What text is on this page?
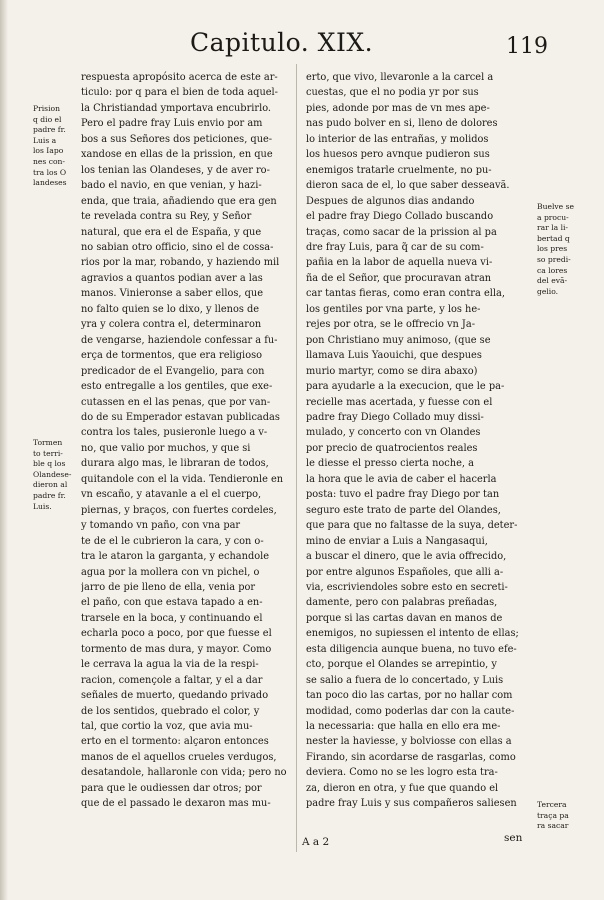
Capitulo. XIX.	119
Prision
q dio el
padre fr.
Luis a
los Iapo
nes con-
tra los O
landeses
Tormen
to terri-
ble q los
Olandese-
dieron al
padre fr.
Luis.
Buelve se
a procu-
rar la li-
bertad q
los pres
so predi-
ca lores
del evã-
gelio.
Tercera
traça pa
ra sacar
respuesta apropósito acerca de este ar-
ticulo: por q para el bien de toda aquel-
la Christiandad ymportava encubrirlo.
Pero el padre fray Luis envio por am
bos a sus Señores dos peticiones, que-
xandose en ellas de la prission, en que
los tenian las Olandeses, y de aver ro-
bado el navio, en que venian, y hazi-
enda, que traia, añadiendo que era gen
te revelada contra su Rey, y Señor
natural, que era el de España, y que
no sabian otro officio, sino el de cossa-
rios por la mar, robando, y haziendo mil
agravios a quantos podian aver a las
manos. Vinieronse a saber ellos, que
no falto quien se lo dixo, y llenos de
yra y colera contra el, determinaron
de vengarse, haziendole confessar a fu-
erça de tormentos, que era religioso
predicador de el Evangelio, para con
esto entregalle a los gentiles, que exe-
cutassen en el las penas, que por van-
do de su Emperador estavan publicadas
contra los tales, pusieronle luego a v-
no, que valio por muchos, y que si
durara algo mas, le libraran de todos,
quitandole con el la vida. Tendieronle en
vn escaño, y atavanle a el el cuerpo,
piernas, y braços, con fuertes cordeles,
y tomando vn paño, con vna par
te de el le cubrieron la cara, y con o-
tra le ataron la garganta, y echandole
agua por la mollera con vn pichel, o
jarro de pie lleno de ella, venia por
el paño, con que estava tapado a en-
trarsele en la boca, y continuando el
echarla poco a poco, por que fuesse el
tormento de mas dura, y mayor. Como
le cerrava la agua la via de la respi-
racion, començole a faltar, y el a dar
señales de muerto, quedando privado
de los sentidos, quebrado el color, y
tal, que cortio la voz, que avia mu-
erto en el tormento: alçaron entonces
manos de el aquellos crueles verdugos,
desatandole, hallaronle con vida; pero no
para que le oudiessen dar otros; por
que de el passado le dexaron mas mu-
erto, que vivo, llevaronle a la carcel a
cuestas, que el no podia yr por sus
pies, adonde por mas de vn mes ape-
nas pudo bolver en si, lleno de dolores
lo interior de las entrañas, y molidos
los huesos pero avnque pudieron sus
enemigos tratarle cruelmente, no pu-
dieron saca de el, lo que saber desseavã.
Despues de algunos dias andando
el padre fray Diego Collado buscando
traças, como sacar de la prission al pa
dre fray Luis, para q̃ car de su com-
pañia en la labor de aquella nueva vi-
ña de el Señor, que procuravan atran
car tantas fieras, como eran contra ella,
los gentiles por vna parte, y los he-
rejes por otra, se le offrecio vn Ja-
pon Christiano muy animoso, (que se
llamava Luis Yaouichi, que despues
murio martyr, como se dira abaxo)
para ayudarle a la execucion, que le pa-
recielle mas acertada, y fuesse con el
padre fray Diego Collado muy dissi-
mulado, y concerto con vn Olandes
por precio de quatrocientos reales
le diesse el presso cierta noche, a
la hora que le avia de caber el hacerla
posta: tuvo el padre fray Diego por tan
seguro este trato de parte del Olandes,
que para que no faltasse de la suya, deter-
mino de enviar a Luis a Nangasaqui,
a buscar el dinero, que le avia offrecido,
por entre algunos Españoles, que alli a-
via, escriviendoles sobre esto en secreti-
damente, pero con palabras preñadas,
porque si las cartas davan en manos de
enemigos, no supiessen el intento de ellas;
esta diligencia aunque buena, no tuvo efe-
cto, porque el Olandes se arrepintio, y
se salio a fuera de lo concertado, y Luis
tan poco dio las cartas, por no hallar com
modidad, como poderlas dar con la caute-
la necessaria: que halla en ello era me-
nester la haviesse, y bolviosse con ellas a
Firando, sin acordarse de rasgarlas, como
deviera. Como no se les logro esta tra-
za, dieron en otra, y fue que quando el
padre fray Luis y sus compañeros saliesen
A a 2	sen
